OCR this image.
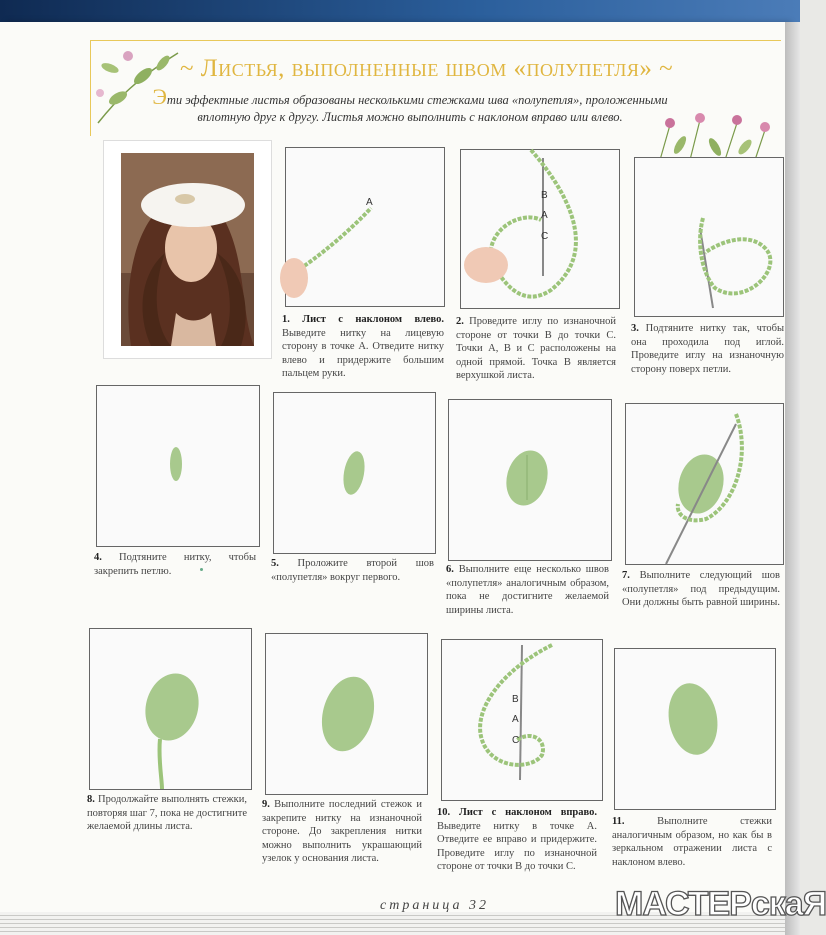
~ Листья, выполненные швом «полупетля» ~
Эти эффектные листья образованы несколькими стежками шва «полупетля», проложенными вплотную друг к другу. Листья можно выполнить с наклоном вправо или влево.
A
B
A
C
B
A
C
1. Лист с наклоном влево. Выведите нитку на лицевую сторону в точке А. Отведите нитку влево и придержите большим пальцем руки.
2. Проведите иглу по изнаночной стороне от точки В до точки С. Точки А, В и С расположены на одной прямой. Точка В является верхушкой листа.
3. Подтяните нитку так, чтобы она проходила под иглой. Проведите иглу на изнаночную сторону поверх петли.
4. Подтяните нитку, чтобы закрепить петлю.
5. Проложите второй шов «полупетля» вокруг первого.
6. Выполните еще несколько швов «полупетля» аналогичным образом, пока не достигните желаемой ширины листа.
7. Выполните следующий шов «полупетля» под предыдущим. Они должны быть равной ширины.
8. Продолжайте выполнять стежки, повторяя шаг 7, пока не достигните желаемой длины листа.
9. Выполните последний стежок и закрепите нитку на изнаночной стороне. До закрепления нитки можно выполнить украшающий узелок у основания листа.
10. Лист с наклоном вправо. Выведите нитку в точке А. Отведите ее вправо и придержите. Проведите иглу по изнаночной стороне от точки В до точки С.
11. Выполните стежки аналогичным образом, но как бы в зеркальном отражении листа с наклоном влево.
страница 32	МАСТЕРскаЯ
